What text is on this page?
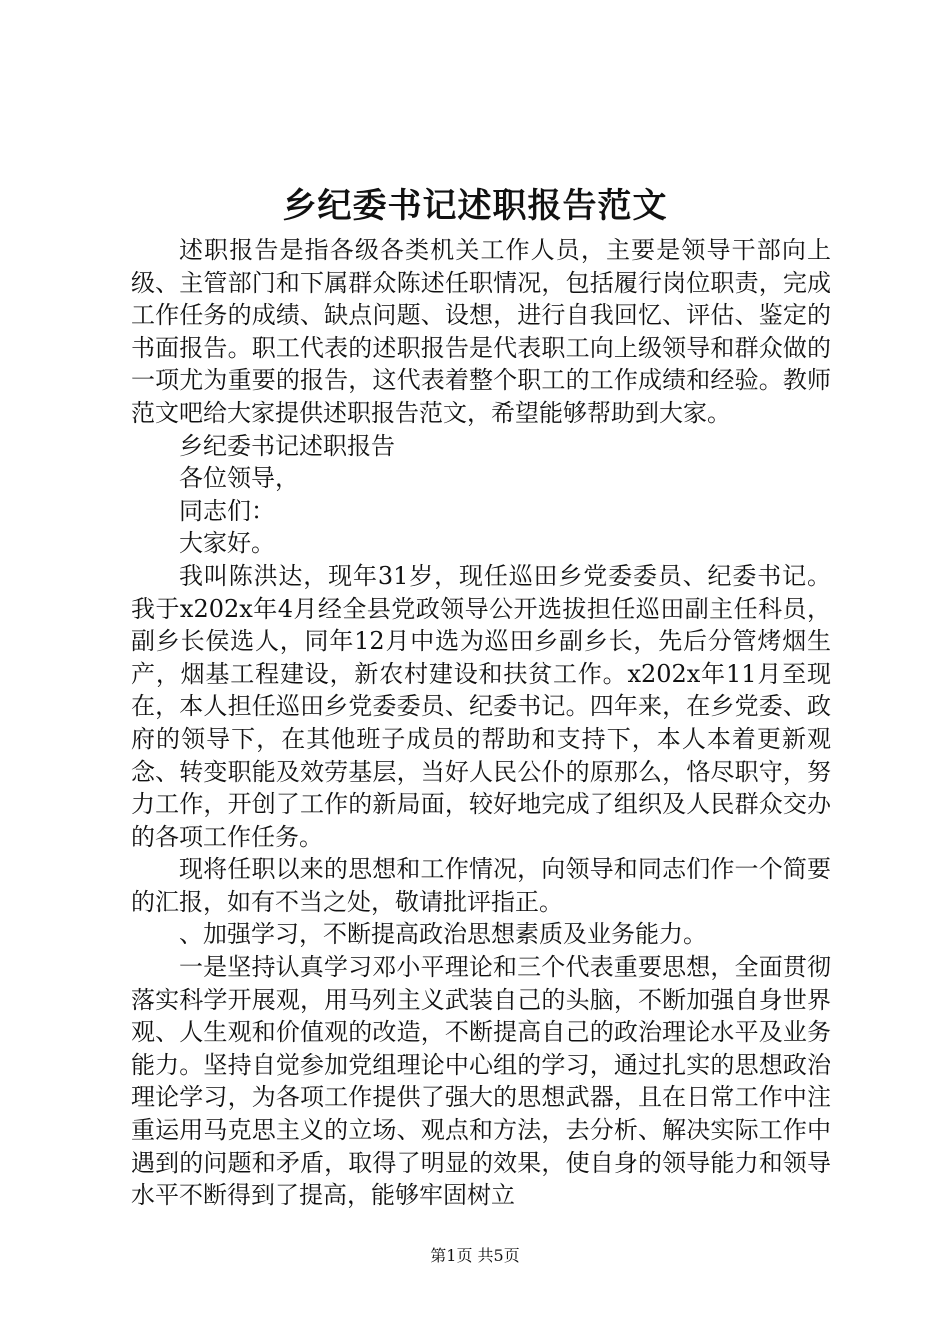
乡纪委书记述职报告范文

述职报告是指各级各类机关工作人员，主要是领导干部向上级、主管部门和下属群众陈述任职情况，包括履行岗位职责，完成工作任务的成绩、缺点问题、设想，进行自我回忆、评估、鉴定的书面报告。职工代表的述职报告是代表职工向上级领导和群众做的一项尤为重要的报告，这代表着整个职工的工作成绩和经验。教师范文吧给大家提供述职报告范文，希望能够帮助到大家。

乡纪委书记述职报告

各位领导，

同志们：

大家好。

我叫陈洪达，现年31岁，现任巡田乡党委委员、纪委书记。我于x202x年4月经全县党政领导公开选拔担任巡田副主任科员，副乡长侯选人，同年12月中选为巡田乡副乡长，先后分管烤烟生产，烟基工程建设，新农村建设和扶贫工作。x202x年11月至现在，本人担任巡田乡党委委员、纪委书记。四年来，在乡党委、政府的领导下，在其他班子成员的帮助和支持下，本人本着更新观念、转变职能及效劳基层，当好人民公仆的原那么，恪尽职守，努力工作，开创了工作的新局面，较好地完成了组织及人民群众交办的各项工作任务。

现将任职以来的思想和工作情况，向领导和同志们作一个简要的汇报，如有不当之处，敬请批评指正。

、加强学习，不断提高政治思想素质及业务能力。

一是坚持认真学习邓小平理论和三个代表重要思想，全面贯彻落实科学开展观，用马列主义武装自己的头脑，不断加强自身世界观、人生观和价值观的改造，不断提高自己的政治理论水平及业务能力。坚持自觉参加党组理论中心组的学习，通过扎实的思想政治理论学习，为各项工作提供了强大的思想武器，且在日常工作中注重运用马克思主义的立场、观点和方法，去分析、解决实际工作中遇到的问题和矛盾，取得了明显的效果，使自身的领导能力和领导水平不断得到了提高，能够牢固树立

第1页 共5页
